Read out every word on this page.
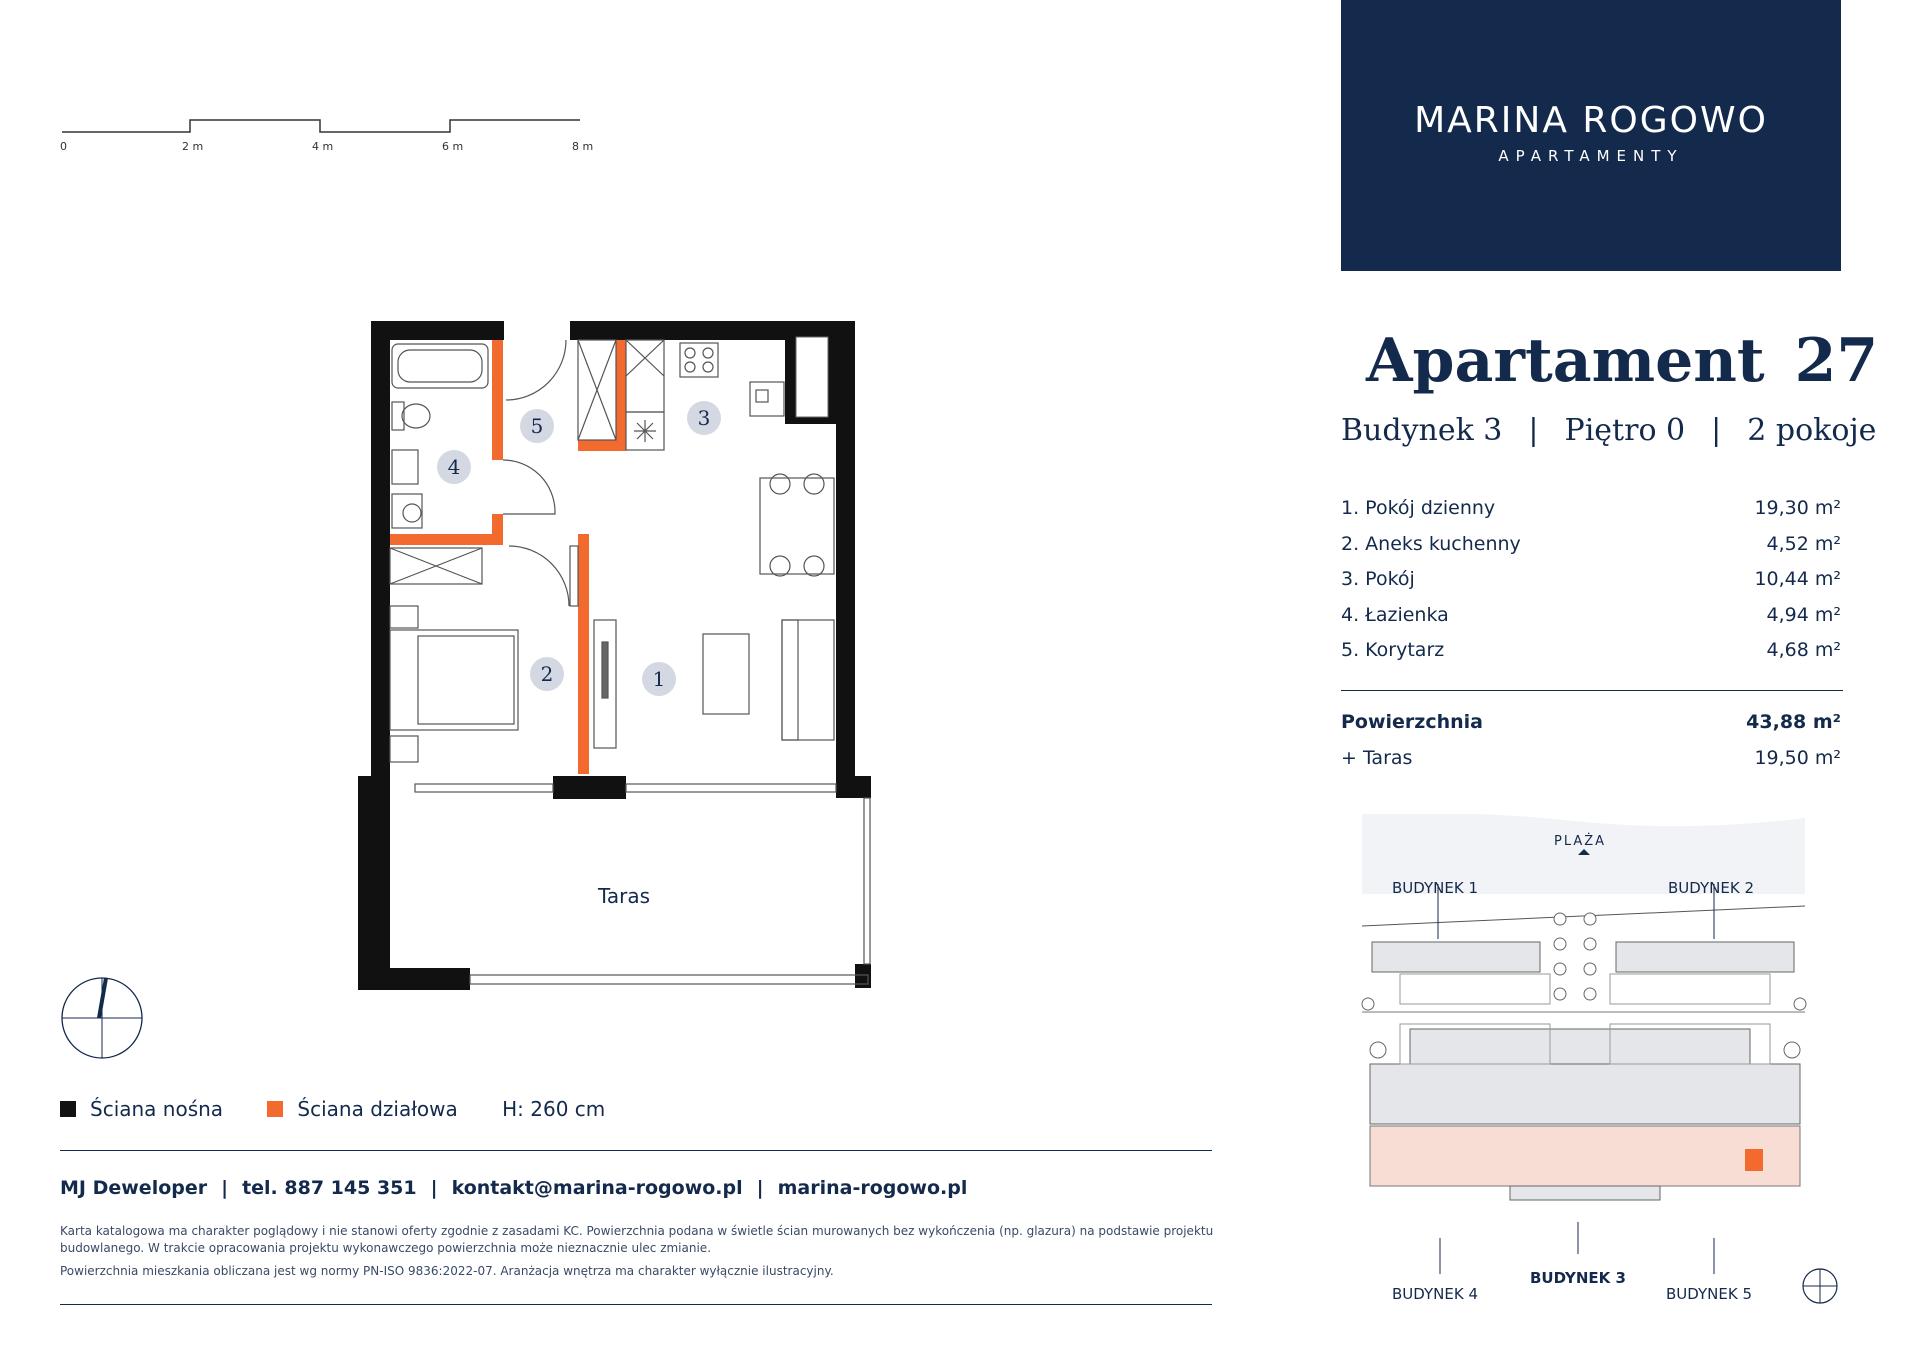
0	2 m	4 m	6 m	8 m
MARINA ROGOWO
APARTAMENTY
Apartament 27
Budynek 3 | Piętro 0 | 2 pokoje
1. Pokój dzienny	19,30 m²
2. Aneks kuchenny	4,52 m²
3. Pokój	10,44 m²
4. Łazienka	4,94 m²
5. Korytarz	4,68 m²
Powierzchnia	43,88 m²
+ Taras	19,50 m²
1
2
3
4
5
Taras
Ściana nośna	Ściana działowa H: 260 cm
MJ Deweloper | tel. 887 145 351 | kontakt@marina-rogowo.pl | marina-rogowo.pl

Karta katalogowa ma charakter poglądowy i nie stanowi oferty zgodnie z zasadami KC. Powierzchnia podana w świetle ścian murowanych bez wykończenia (np. glazura) na podstawie projektu budowlanego. W trakcie opracowania projektu wykonawczego powierzchnia może nieznacznie ulec zmianie.

Powierzchnia mieszkania obliczana jest wg normy PN-ISO 9836:2022-07. Aranżacja wnętrza ma charakter wyłącznie ilustracyjny.

PLAŻA
BUDYNEK 1	BUDYNEK 2
BUDYNEK 3
BUDYNEK 4	BUDYNEK 5
